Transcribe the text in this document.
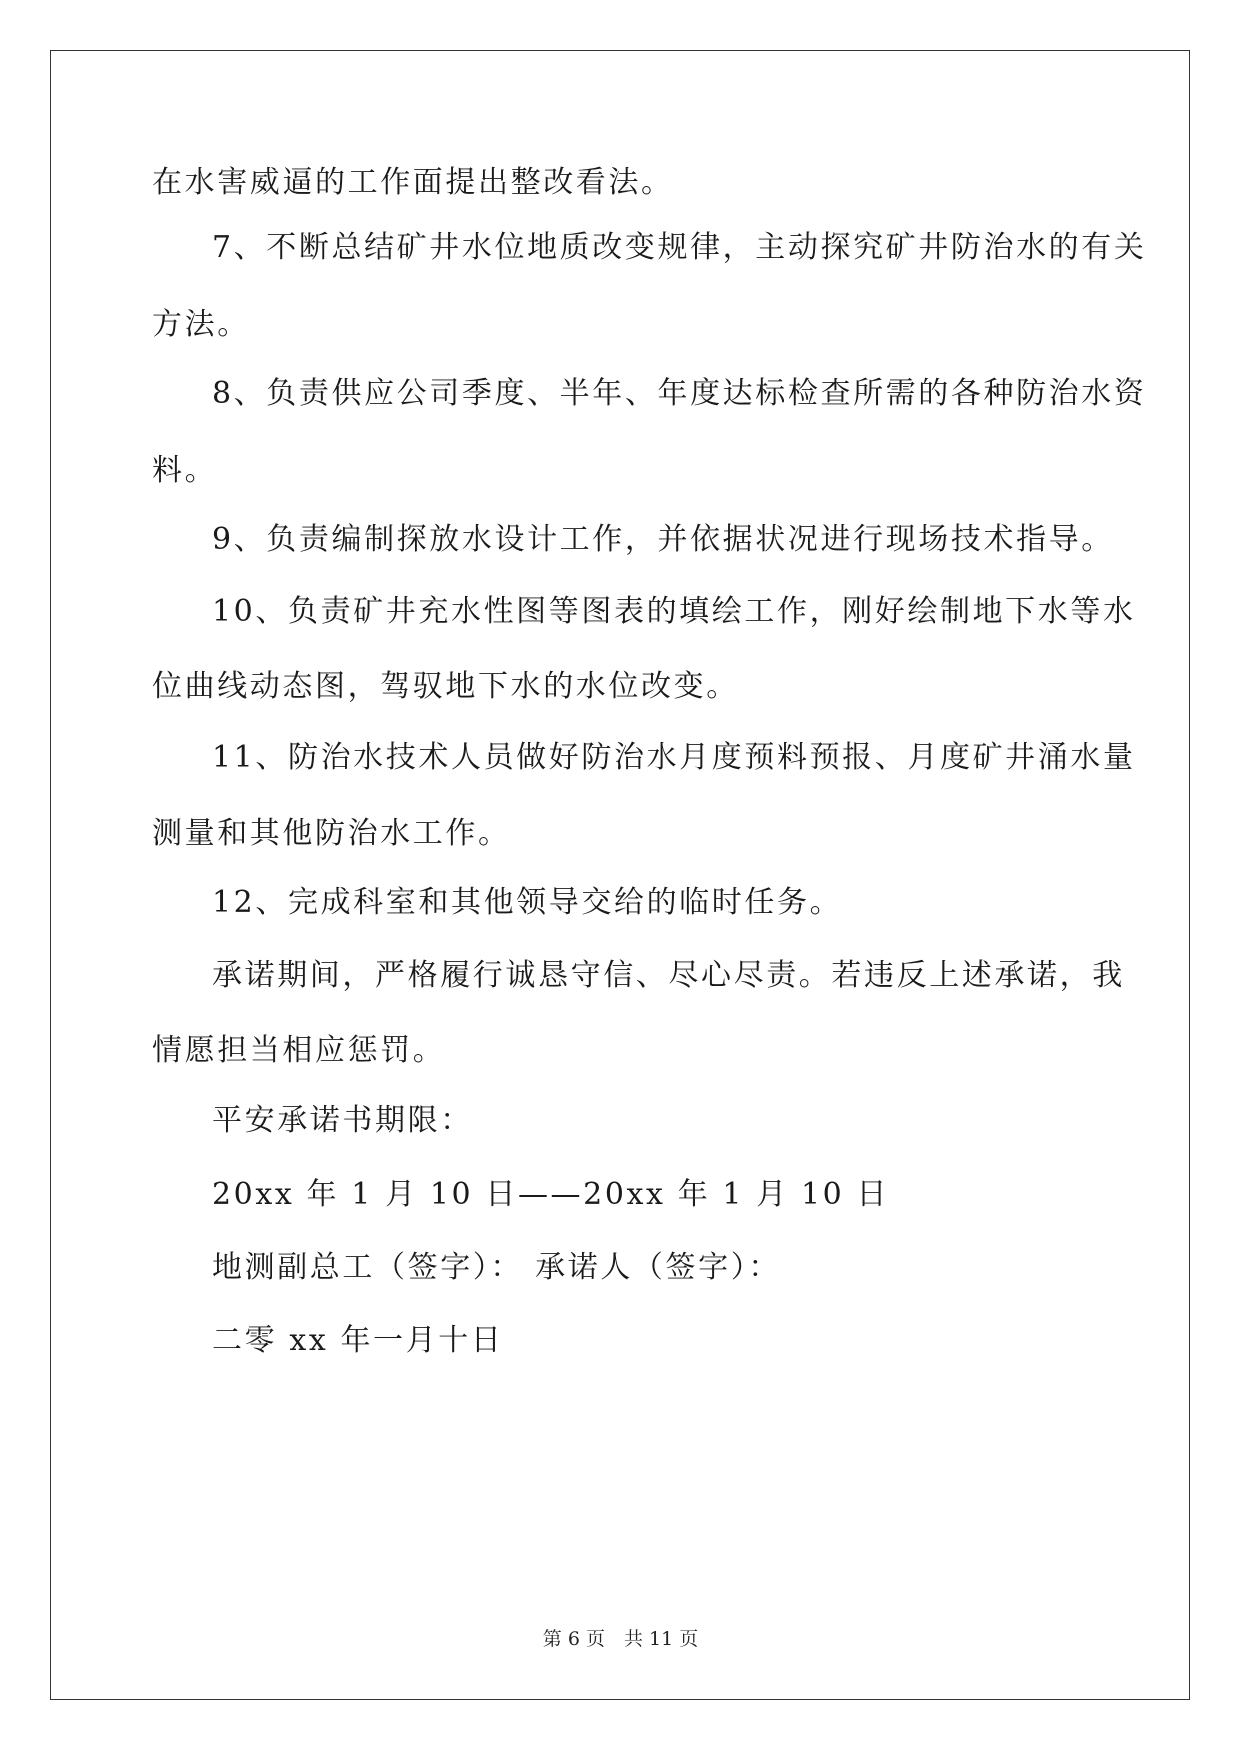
在水害威逼的工作面提出整改看法。
7、不断总结矿井水位地质改变规律，主动探究矿井防治水的有关
方法。
8、负责供应公司季度、半年、年度达标检查所需的各种防治水资
料。
9、负责编制探放水设计工作，并依据状况进行现场技术指导。
10、负责矿井充水性图等图表的填绘工作，刚好绘制地下水等水
位曲线动态图，驾驭地下水的水位改变。
11、防治水技术人员做好防治水月度预料预报、月度矿井涌水量
测量和其他防治水工作。
12、完成科室和其他领导交给的临时任务。
承诺期间，严格履行诚恳守信、尽心尽责。若违反上述承诺，我
情愿担当相应惩罚。
平安承诺书期限：
20xx 年 1 月 10 日——20xx 年 1 月 10 日
地测副总工（签字）： 承诺人（签字）：
二零 xx 年一月十日
第 6 页　共 11 页
